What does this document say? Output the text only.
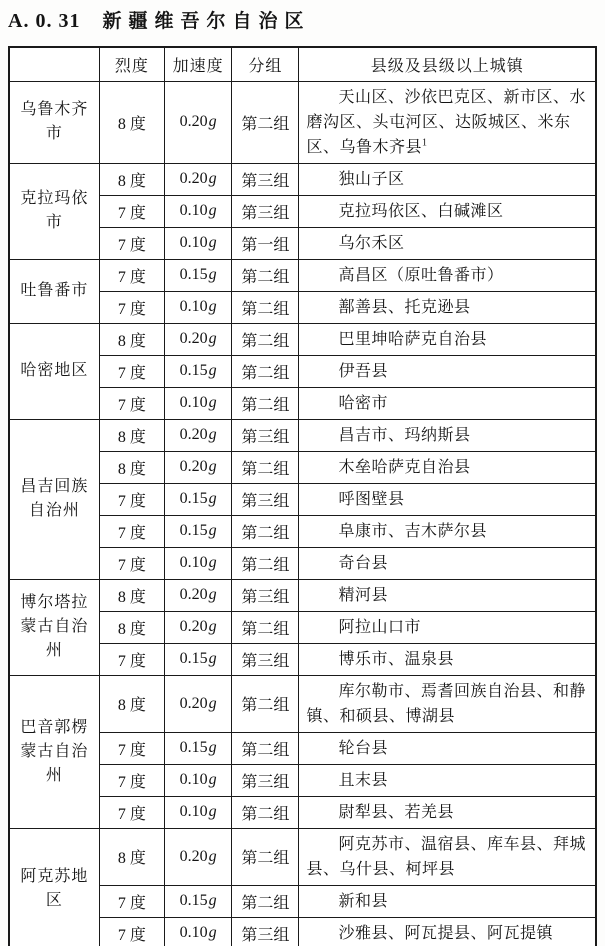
A. 0. 31 新疆维吾尔自治区
	烈度	加速度	分组	县级及县级以上城镇
乌鲁木齐市	8 度	0.20g	第二组	天山区、沙依巴克区、新市区、水磨沟区、头屯河区、达阪城区、米东区、乌鲁木齐县$^1$
克拉玛依市	8 度	0.20g	第三组	独山子区
	7 度	0.10g	第三组	克拉玛依区、白碱滩区
	7 度	0.10g	第一组	乌尔禾区
吐鲁番市	7 度	0.15g	第二组	高昌区（原吐鲁番市）
	7 度	0.10g	第二组	鄯善县、托克逊县
哈密地区	8 度	0.20g	第二组	巴里坤哈萨克自治县
	7 度	0.15g	第二组	伊吾县
	7 度	0.10g	第二组	哈密市
昌吉回族
自治州	8 度	0.20g	第三组	昌吉市、玛纳斯县
	8 度	0.20g	第二组	木垒哈萨克自治县
	7 度	0.15g	第三组	呼图壁县
	7 度	0.15g	第二组	阜康市、吉木萨尔县
	7 度	0.10g	第二组	奇台县
博尔塔拉
蒙古自治州	8 度	0.20g	第三组	精河县
	8 度	0.20g	第二组	阿拉山口市
	7 度	0.15g	第三组	博乐市、温泉县
巴音郭楞
蒙古自治州	8 度	0.20g	第二组	库尔勒市、焉耆回族自治县、和静镇、和硕县、博湖县
	7 度	0.15g	第二组	轮台县
	7 度	0.10g	第三组	且末县
	7 度	0.10g	第二组	尉犁县、若羌县
阿克苏地区	8 度	0.20g	第二组	阿克苏市、温宿县、库车县、拜城县、乌什县、柯坪县
	7 度	0.15g	第二组	新和县
	7 度	0.10g	第三组	沙雅县、阿瓦提县、阿瓦提镇
